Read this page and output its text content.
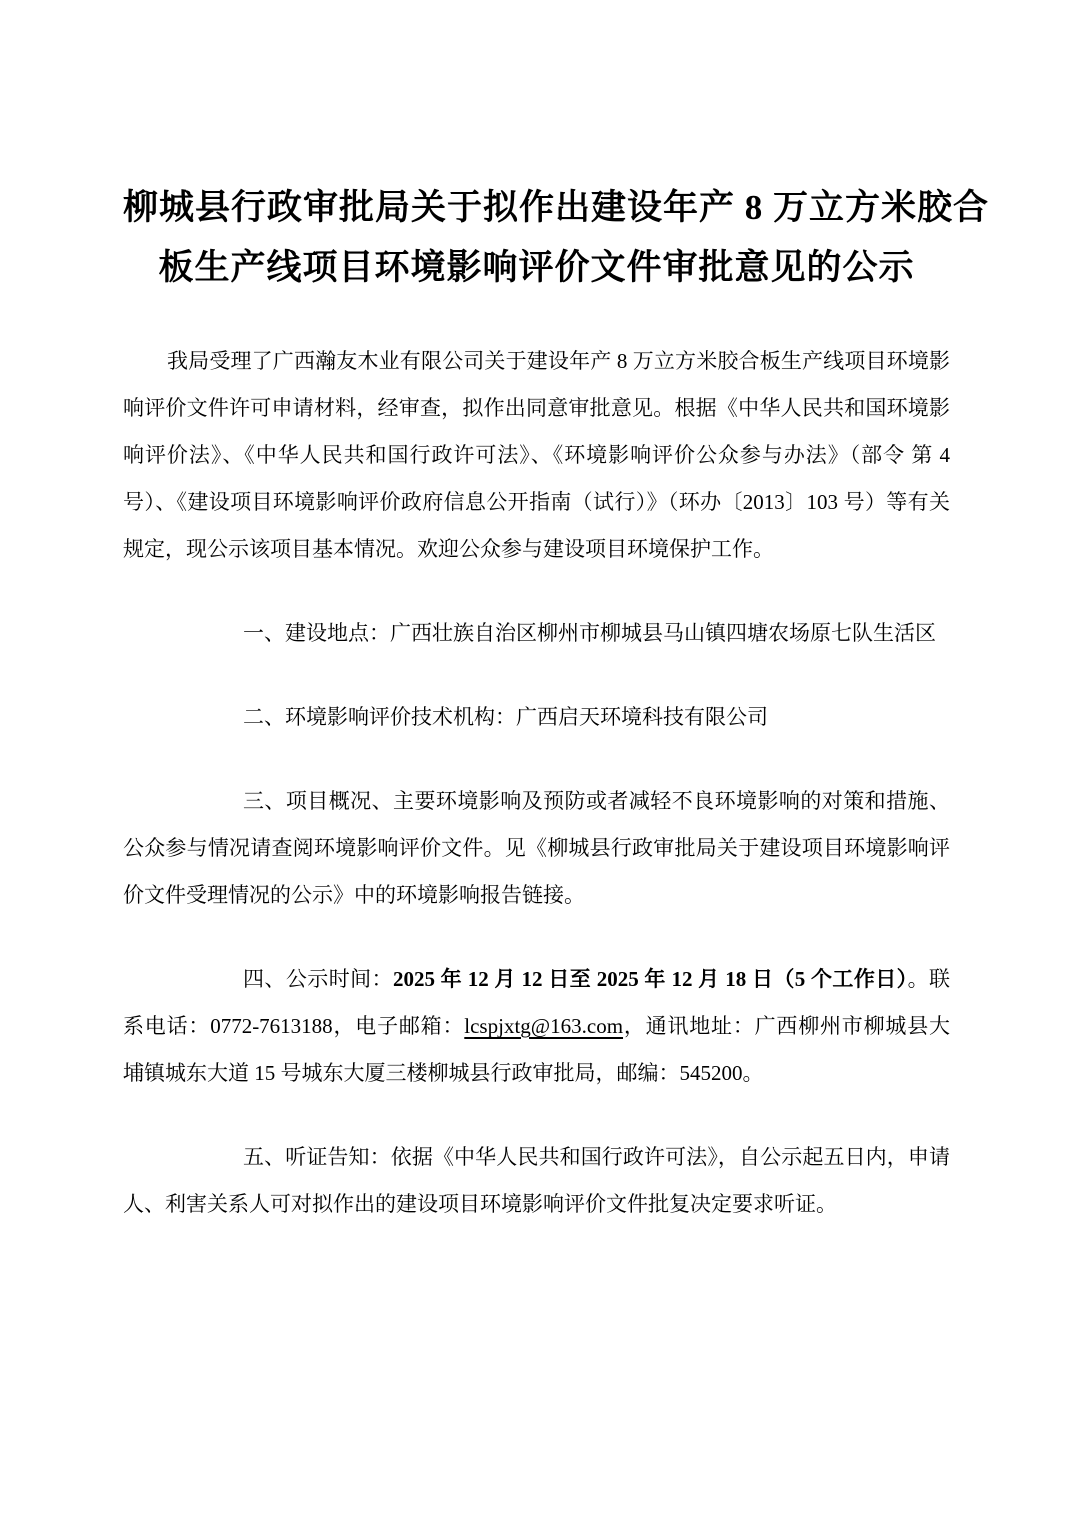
柳城县行政审批局关于拟作出建设年产 8 万立方米胶合
板生产线项目环境影响评价文件审批意见的公示

我局受理了广西瀚友木业有限公司关于建设年产 8 万立方米胶合板生产线项目环境影响评价文件许可申请材料，经审查，拟作出同意审批意见。根据《中华人民共和国环境影响评价法》、《中华人民共和国行政许可法》、《环境影响评价公众参与办法》（部令 第 4 号）、《建设项目环境影响评价政府信息公开指南（试行）》（环办〔2013〕103 号）等有关规定，现公示该项目基本情况。欢迎公众参与建设项目环境保护工作。

一、建设地点：广西壮族自治区柳州市柳城县马山镇四塘农场原七队生活区

二、环境影响评价技术机构：广西启天环境科技有限公司

三、项目概况、主要环境影响及预防或者减轻不良环境影响的对策和措施、公众参与情况请查阅环境影响评价文件。见《柳城县行政审批局关于建设项目环境影响评价文件受理情况的公示》中的环境影响报告链接。

四、公示时间：2025 年 12 月 12 日至 2025 年 12 月 18 日（5 个工作日）。联系电话：0772-7613188，电子邮箱：lcspjxtg@163.com，通讯地址：广西柳州市柳城县大埔镇城东大道 15 号城东大厦三楼柳城县行政审批局，邮编：545200。

五、听证告知：依据《中华人民共和国行政许可法》，自公示起五日内，申请人、利害关系人可对拟作出的建设项目环境影响评价文件批复决定要求听证。
